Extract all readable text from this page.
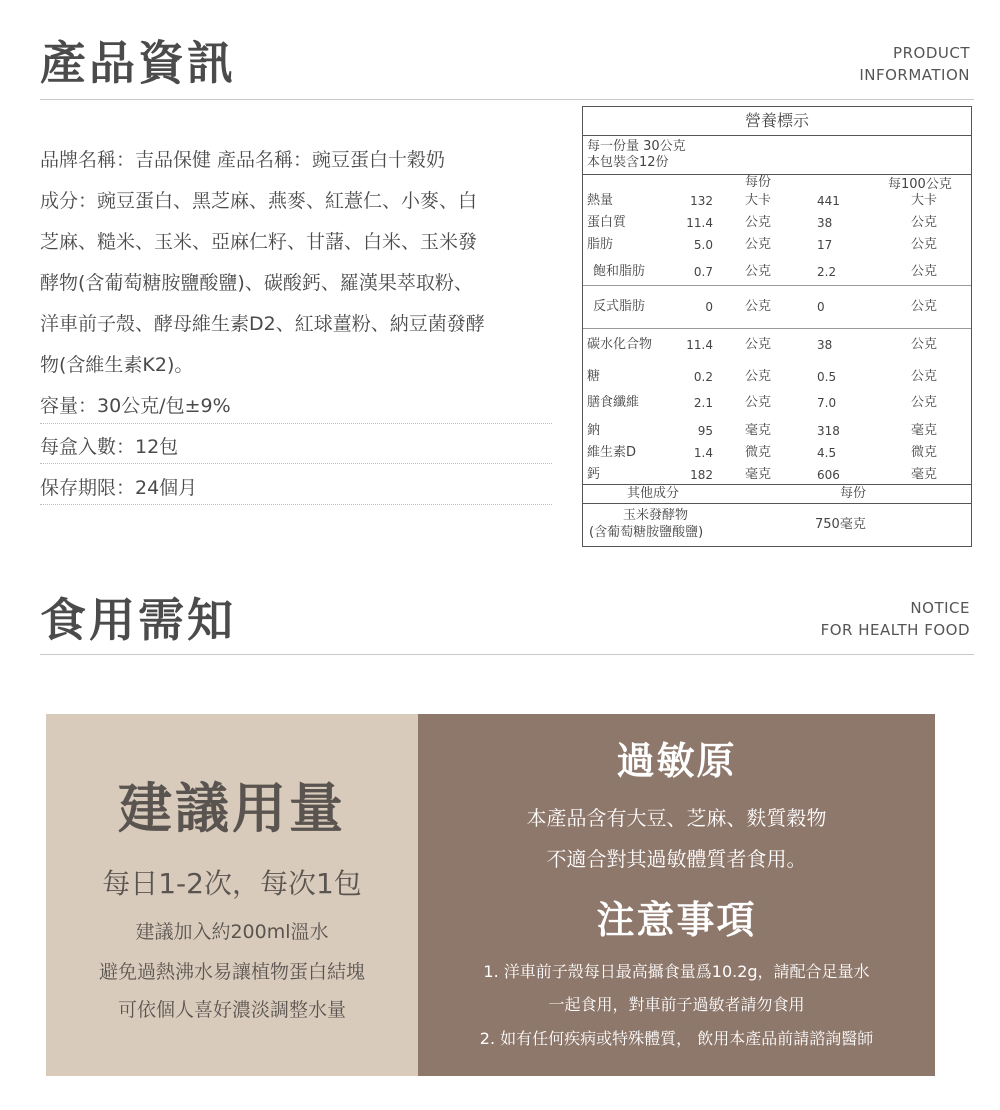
產品資訊	PRODUCT
INFORMATION
品牌名稱：吉品保健 產品名稱：豌豆蛋白十穀奶
成分：豌豆蛋白、黑芝麻、燕麥、紅薏仁、小麥、白
芝麻、糙米、玉米、亞麻仁籽、甘藷、白米、玉米發
酵物(含葡萄糖胺鹽酸鹽)、碳酸鈣、羅漢果萃取粉、
洋車前子殼、酵母維生素D2、紅球薑粉、納豆菌發酵
物(含維生素K2)。
容量：30公克/包±9%
每盒入數：12包
保存期限：24個月
營養標示
每一份量 30公克
本包裝含12份
每份	每100公克
熱量	132 大卡	441	大卡
蛋白質	11.4 公克	38	公克
脂肪	5.0 公克	17	公克
飽和脂肪	0.7 公克	2.2	公克
反式脂肪	0 公克	0	公克
碳水化合物	11.4 公克	38	公克
糖	0.2 公克	0.5	公克
膳食纖維	2.1 公克	7.0	公克
鈉	95 毫克	318	毫克
維生素D	1.4 微克	4.5	微克
鈣	182 毫克	606	毫克
其他成分	每份
玉米發酵物
(含葡萄糖胺鹽酸鹽)
750毫克
食用需知	NOTICE
FOR HEALTH FOOD
建議用量
每日1-2次，每次1包
建議加入約200ml溫水
避免過熱沸水易讓植物蛋白結塊
可依個人喜好濃淡調整水量
過敏原
本產品含有大豆、芝麻、麩質穀物
不適合對其過敏體質者食用。
注意事項
1. 洋車前子殼每日最高攝食量爲10.2g，請配合足量水
一起食用，對車前子過敏者請勿食用
2. 如有任何疾病或特殊體質， 飲用本產品前請諮詢醫師
